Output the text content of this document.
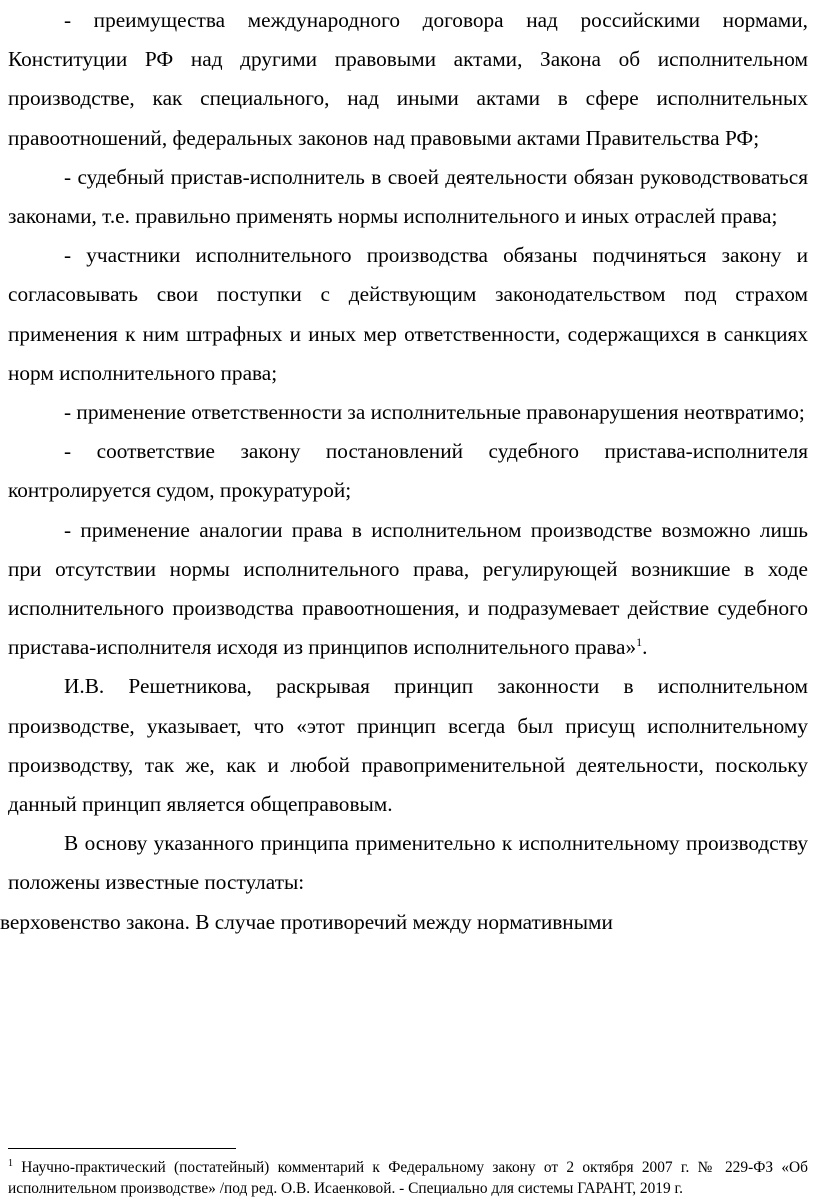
- преимущества международного договора над российскими нормами, Конституции РФ над другими правовыми актами, Закона об исполнительном производстве, как специального, над иными актами в сфере исполнительных правоотношений, федеральных законов над правовыми актами Правительства РФ;

- судебный пристав-исполнитель в своей деятельности обязан руководствоваться законами, т.е. правильно применять нормы исполнительного и иных отраслей права;

- участники исполнительного производства обязаны подчиняться закону и согласовывать свои поступки с действующим законодательством под страхом применения к ним штрафных и иных мер ответственности, содержащихся в санкциях норм исполнительного права;

- применение ответственности за исполнительные правонарушения неотвратимо;

- соответствие закону постановлений судебного пристава-исполнителя контролируется судом, прокуратурой;

- применение аналогии права в исполнительном производстве возможно лишь при отсутствии нормы исполнительного права, регулирующей возникшие в ходе исполнительного производства правоотношения, и подразумевает действие судебного пристава-исполнителя исходя из принципов исполнительного права»$^1$.

И.В. Решетникова, раскрывая принцип законности в исполнительном производстве, указывает, что «этот принцип всегда был присущ исполнительному производству, так же, как и любой правоприменительной деятельности, поскольку данный принцип является общеправовым.

В основу указанного принципа применительно к исполнительному производству положены известные постулаты:

верховенство закона. В случае противоречий между нормативными

$^1$ Научно-практический (постатейный) комментарий к Федеральному закону от 2 октября 2007 г. № 229-ФЗ «Об исполнительном производстве» /под ред. О.В. Исаенковой. - Специально для системы ГАРАНТ, 2019 г.
